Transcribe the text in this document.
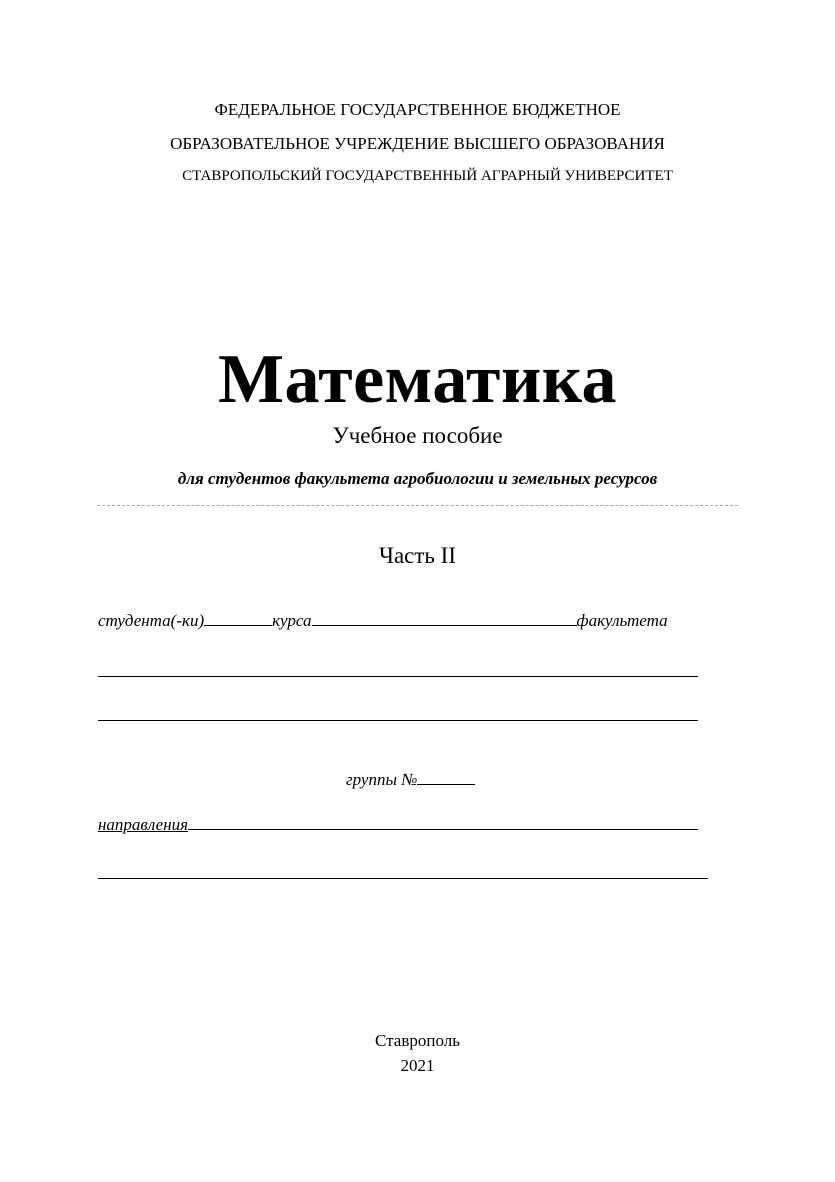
ФЕДЕРАЛЬНОЕ ГОСУДАРСТВЕННОЕ БЮДЖЕТНОЕ
ОБРАЗОВАТЕЛЬНОЕ УЧРЕЖДЕНИЕ ВЫСШЕГО ОБРАЗОВАНИЯ
СТАВРОПОЛЬСКИЙ ГОСУДАРСТВЕННЫЙ АГРАРНЫЙ УНИВЕРСИТЕТ
Математика
Учебное пособие
для студентов факультета агробиологии и земельных ресурсов
Часть II
студента(-ки)	курса	факультета
группы №
направления
Ставрополь
2021
